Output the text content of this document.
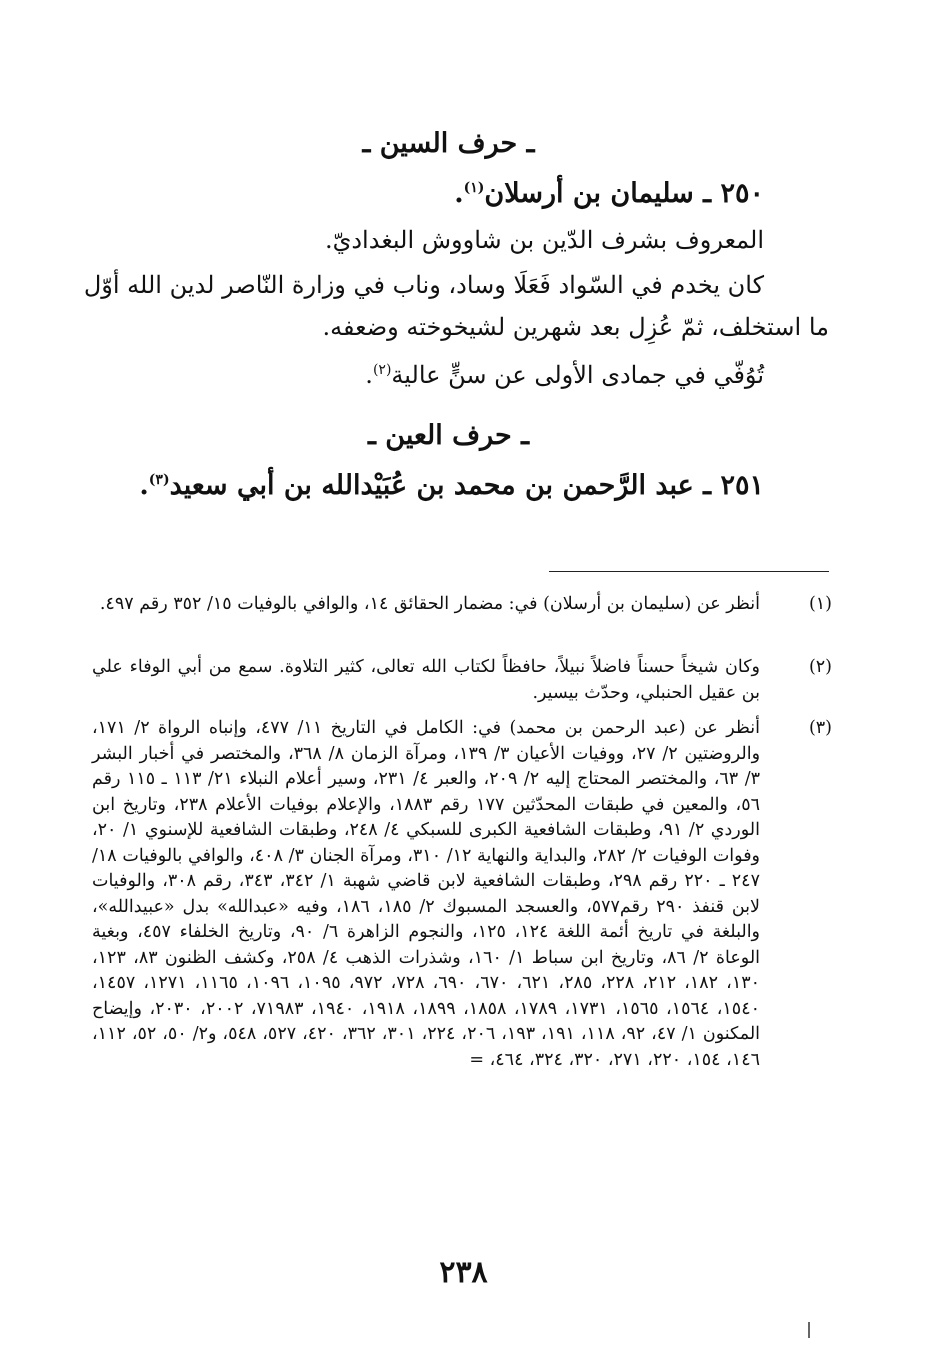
ـ حرف السين ـ
٢٥٠ ـ سليمان بن أرسلان$^{(١)}$.
المعروف بشرف الدّين بن شاووش البغداديّ.
كان يخدم في السّواد فَعَلَا وساد، وناب في وزارة النّاصر لدين الله أوّل
ما استخلف، ثمّ عُزِل بعد شهرين لشيخوخته وضعفه.
تُوُفّي في جمادى الأولى عن سنٍّ عالية$^{(٢)}$.
ـ حرف العين ـ
٢٥١ ـ عبد الرَّحمن بن محمد بن عُبَيْدالله بن أبي سعيد$^{(٣)}$.
(١)
أنظر عن (سليمان بن أرسلان) في: مضمار الحقائق ١٤، والوافي بالوفيات ١٥/ ٣٥٢ رقم ٤٩٧.
(٢)
وكان شيخاً حسناً فاضلاً نبيلاً، حافظاً لكتاب الله تعالى، كثير التلاوة. سمع من أبي الوفاء علي بن عقيل الحنبلي، وحدّث بيسير.
(٣)
أنظر عن (عبد الرحمن بن محمد) في: الكامل في التاريخ ١١/ ٤٧٧، وإنباه الرواة ٢/ ١٧١، والروضتين ٢/ ٢٧، ووفيات الأعيان ٣/ ١٣٩، ومرآة الزمان ٨/ ٣٦٨، والمختصر في أخبار البشر ٣/ ٦٣، والمختصر المحتاج إليه ٢/ ٢٠٩، والعبر ٤/ ٢٣١، وسير أعلام النبلاء ٢١/ ١١٣ ـ ١١٥ رقم ٥٦، والمعين في طبقات المحدّثين ١٧٧ رقم ١٨٨٣، والإعلام بوفيات الأعلام ٢٣٨، وتاريخ ابن الوردي ٢/ ٩١، وطبقات الشافعية الكبرى للسبكي ٤/ ٢٤٨، وطبقات الشافعية للإسنوي ١/ ٢٠، وفوات الوفيات ٢/ ٢٨٢، والبداية والنهاية ١٢/ ٣١٠، ومرآة الجنان ٣/ ٤٠٨، والوافي بالوفيات ١٨/ ٢٤٧ ـ ٢٢٠ رقم ٢٩٨، وطبقات الشافعية لابن قاضي شهبة ١/ ٣٤٢، ٣٤٣، رقم ٣٠٨، والوفيات لابن قنفذ ٢٩٠ رقم٥٧٧، والعسجد المسبوك ٢/ ١٨٥، ١٨٦، وفيه «عبدالله» بدل «عبيدالله»، والبلغة في تاريخ أئمة اللغة ١٢٤، ١٢٥، والنجوم الزاهرة ٦/ ٩٠، وتاريخ الخلفاء ٤٥٧، وبغية الوعاة ٢/ ٨٦، وتاريخ ابن سباط ١/ ١٦٠، وشذرات الذهب ٤/ ٢٥٨، وكشف الظنون ٨٣، ١٢٣، ١٣٠، ١٨٢، ٢١٢، ٢٢٨، ٢٨٥، ٦٢١، ٦٧٠، ٦٩٠، ٧٢٨، ٩٧٢، ١٠٩٥، ١٠٩٦، ١١٦٥، ١٢٧١، ١٤٥٧، ١٥٤٠، ١٥٦٤، ١٥٦٥، ١٧٣١، ١٧٨٩، ١٨٥٨، ١٨٩٩، ١٩١٨، ١٩٤٠، ٧١٩٨٣، ٢٠٠٢، ٢٠٣٠، وإيضاح المكنون ١/ ٤٧، ٩٢، ١١٨، ١٩١، ١٩٣، ٢٠٦، ٢٢٤، ٣٠١، ٣٦٢، ٤٢٠، ٥٢٧، ٥٤٨، و٢/ ٥٠، ٥٢، ١١٢، ١٤٦، ١٥٤، ٢٢٠، ٢٧١، ٣٢٠، ٣٢٤، ٤٦٤، =
٢٣٨
